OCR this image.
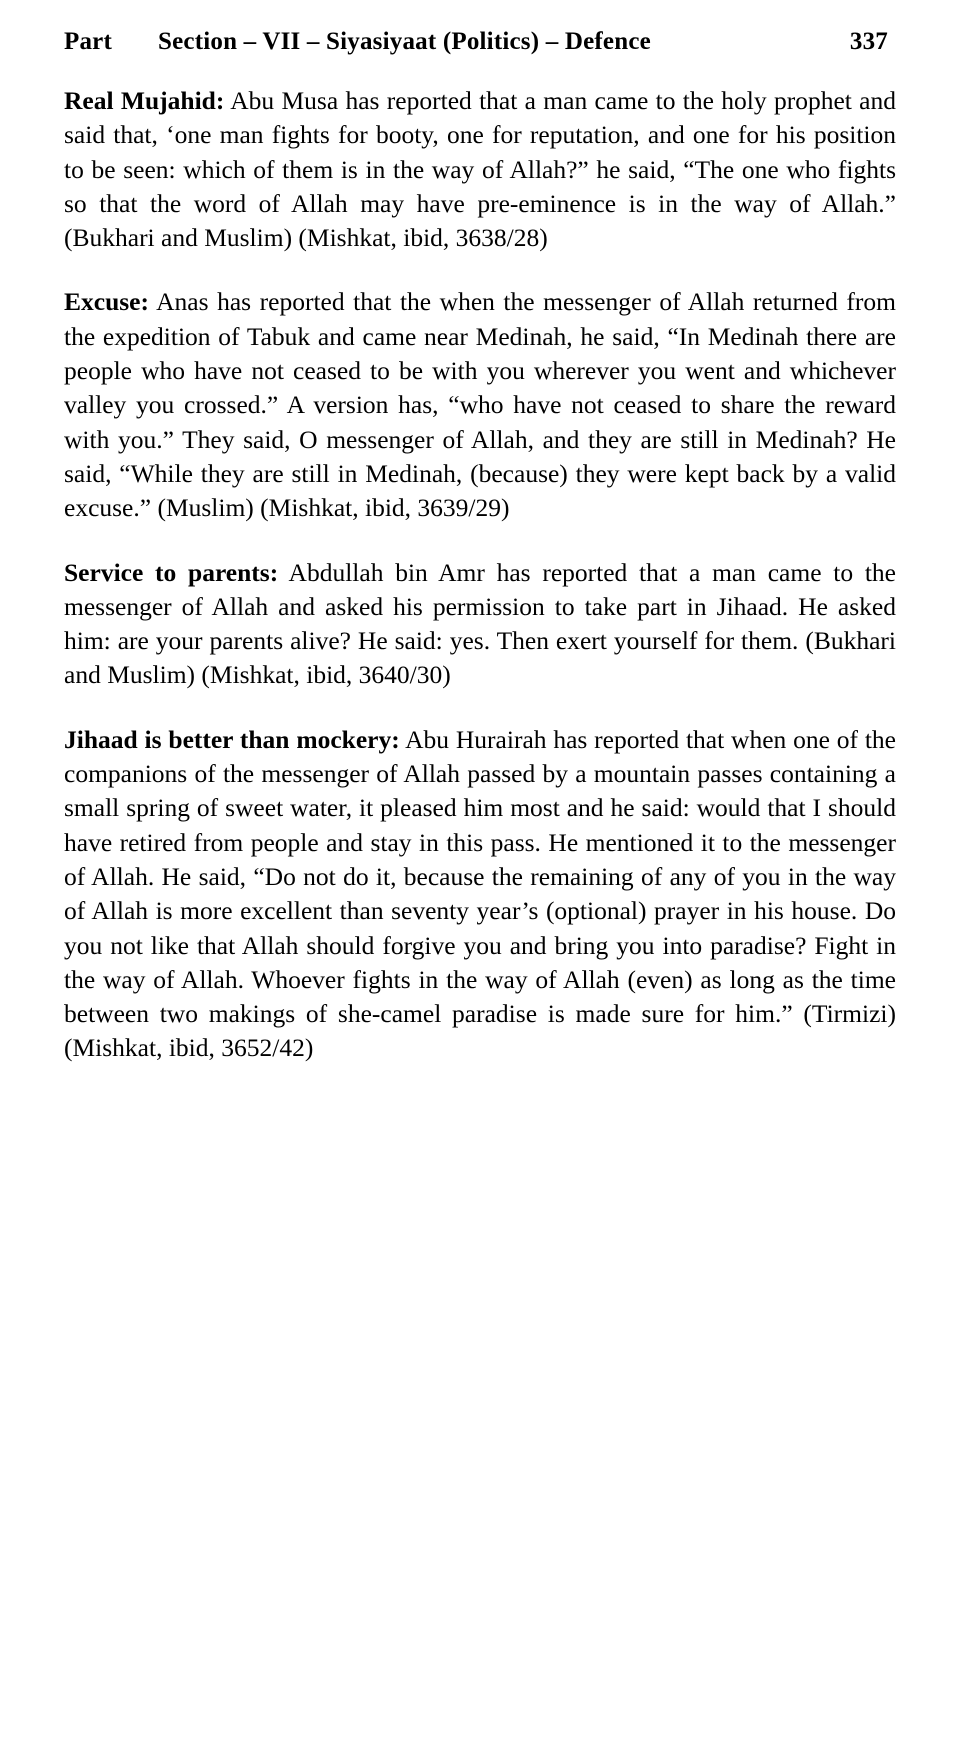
Part Section – VII – Siyasiyaat (Politics) – Defence	337

Real Mujahid: Abu Musa has reported that a man came to the holy prophet and said that, ‘one man fights for booty, one for reputation, and one for his position to be seen: which of them is in the way of Allah?” he said, “The one who fights so that the word of Allah may have pre-eminence is in the way of Allah.” (Bukhari and Muslim) (Mishkat, ibid, 3638/28)

Excuse: Anas has reported that the when the messenger of Allah returned from the expedition of Tabuk and came near Medinah, he said, “In Medinah there are people who have not ceased to be with you wherever you went and whichever valley you crossed.” A version has, “who have not ceased to share the reward with you.” They said, O messenger of Allah, and they are still in Medinah? He said, “While they are still in Medinah, (because) they were kept back by a valid excuse.” (Muslim) (Mishkat, ibid, 3639/29)

Service to parents: Abdullah bin Amr has reported that a man came to the messenger of Allah and asked his permission to take part in Jihaad. He asked him: are your parents alive? He said: yes. Then exert yourself for them. (Bukhari and Muslim) (Mishkat, ibid, 3640/30)

Jihaad is better than mockery: Abu Hurairah has reported that when one of the companions of the messenger of Allah passed by a mountain passes containing a small spring of sweet water, it pleased him most and he said: would that I should have retired from people and stay in this pass. He mentioned it to the messenger of Allah. He said, “Do not do it, because the remaining of any of you in the way of Allah is more excellent than seventy year’s (optional) prayer in his house. Do you not like that Allah should forgive you and bring you into paradise? Fight in the way of Allah. Whoever fights in the way of Allah (even) as long as the time between two makings of she-camel paradise is made sure for him.” (Tirmizi) (Mishkat, ibid, 3652/42)
